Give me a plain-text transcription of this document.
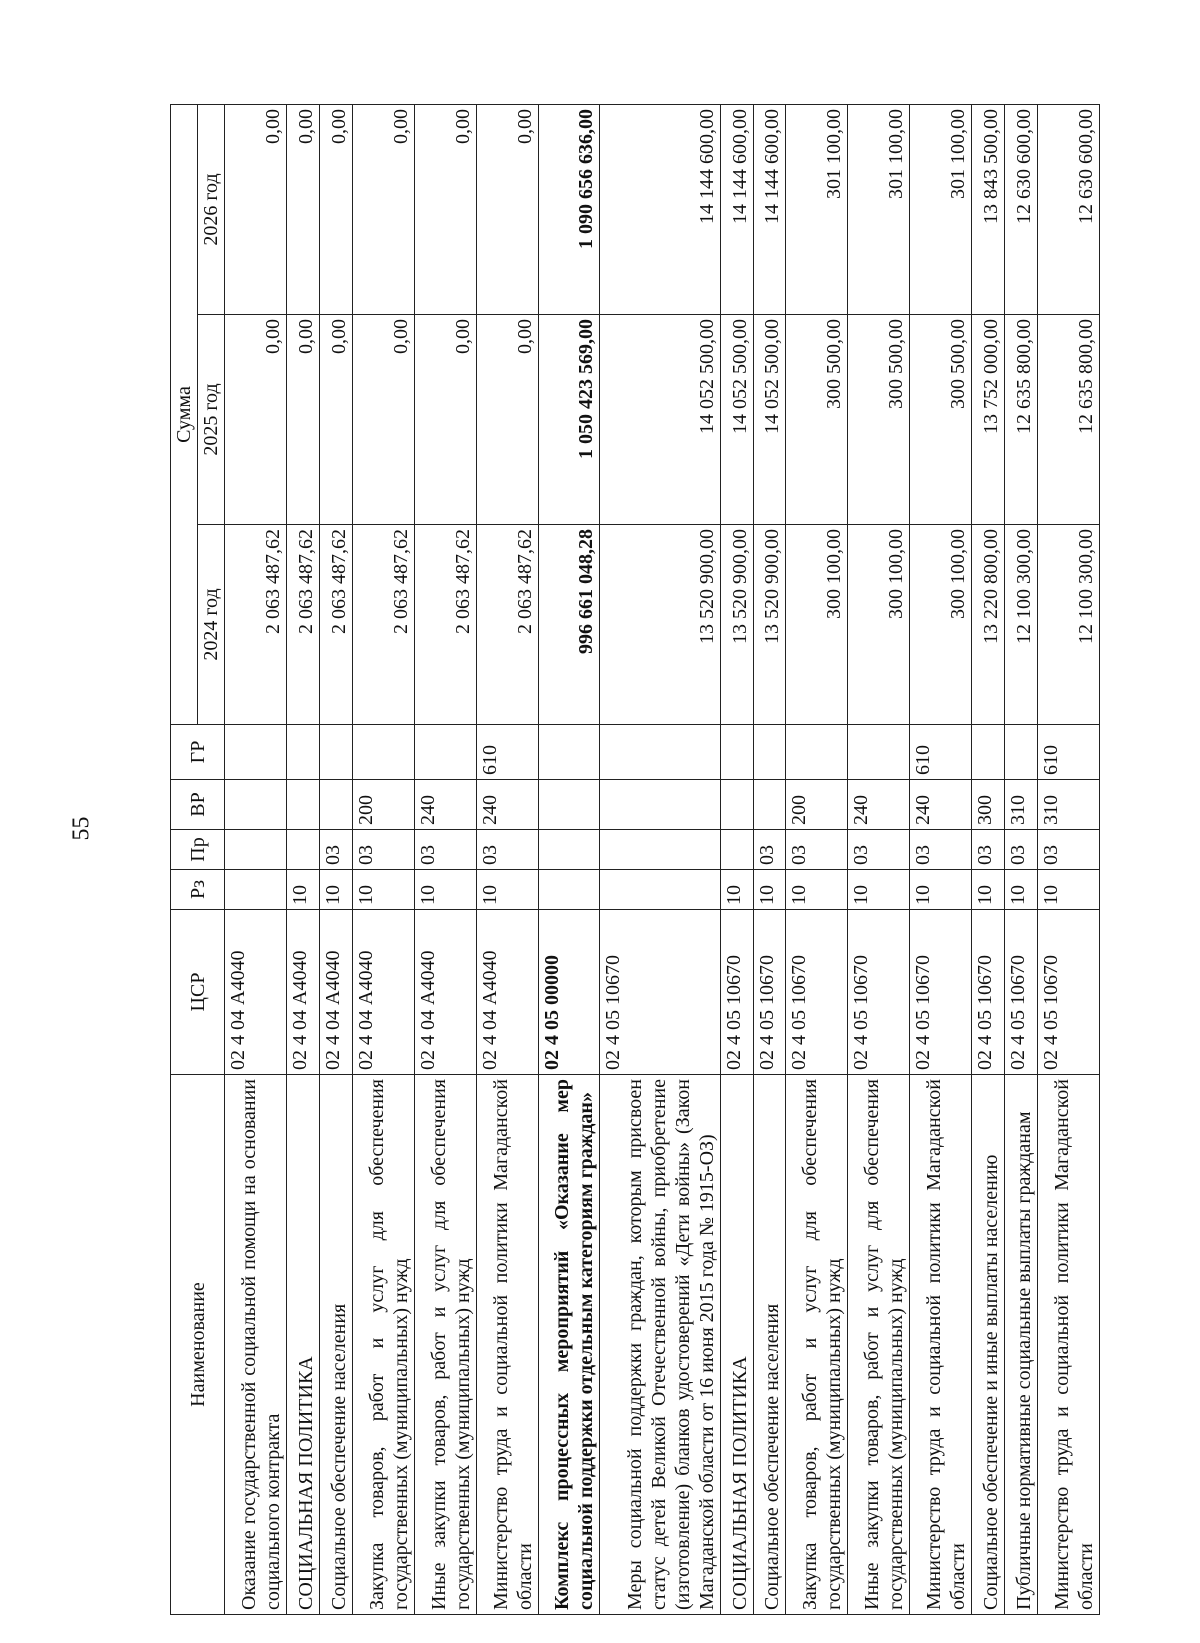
55
Наименование	ЦСР	Рз	Пр	ВР	ГР	Сумма		
						2024 год	2025 год	2026 год
Оказание государственной социальной помощи на основании социального контракта	02 4 04 А4040					2 063 487,62	0,00	0,00
СОЦИАЛЬНАЯ ПОЛИТИКА	02 4 04 А4040	10				2 063 487,62	0,00	0,00
Социальное обеспечение населения	02 4 04 А4040	10	03			2 063 487,62	0,00	0,00
Закупка товаров, работ и услуг для обеспечения государственных (муниципальных) нужд	02 4 04 А4040	10	03	200		2 063 487,62	0,00	0,00
Иные закупки товаров, работ и услуг для обеспечения государственных (муниципальных) нужд	02 4 04 А4040	10	03	240		2 063 487,62	0,00	0,00
Министерство труда и социальной политики Магаданской области	02 4 04 А4040	10	03	240	610	2 063 487,62	0,00	0,00
Комплекс процессных мероприятий «Оказание мер социальной поддержки отдельным категориям граждан»	02 4 05 00000					996 661 048,28	1 050 423 569,00	1 090 656 636,00
Меры социальной поддержки граждан, которым присвоен статус детей Великой Отечественной войны, приобретение (изготовление) бланков удостоверений «Дети войны» (Закон Магаданской области от 16 июня 2015 года № 1915-ОЗ)	02 4 05 10670					13 520 900,00	14 052 500,00	14 144 600,00
СОЦИАЛЬНАЯ ПОЛИТИКА	02 4 05 10670	10				13 520 900,00	14 052 500,00	14 144 600,00
Социальное обеспечение населения	02 4 05 10670	10	03			13 520 900,00	14 052 500,00	14 144 600,00
Закупка товаров, работ и услуг для обеспечения государственных (муниципальных) нужд	02 4 05 10670	10	03	200		300 100,00	300 500,00	301 100,00
Иные закупки товаров, работ и услуг для обеспечения государственных (муниципальных) нужд	02 4 05 10670	10	03	240		300 100,00	300 500,00	301 100,00
Министерство труда и социальной политики Магаданской области	02 4 05 10670	10	03	240	610	300 100,00	300 500,00	301 100,00
Социальное обеспечение и иные выплаты населению	02 4 05 10670	10	03	300		13 220 800,00	13 752 000,00	13 843 500,00
Публичные нормативные социальные выплаты гражданам	02 4 05 10670	10	03	310		12 100 300,00	12 635 800,00	12 630 600,00
Министерство труда и социальной политики Магаданской области	02 4 05 10670	10	03	310	610	12 100 300,00	12 635 800,00	12 630 600,00
